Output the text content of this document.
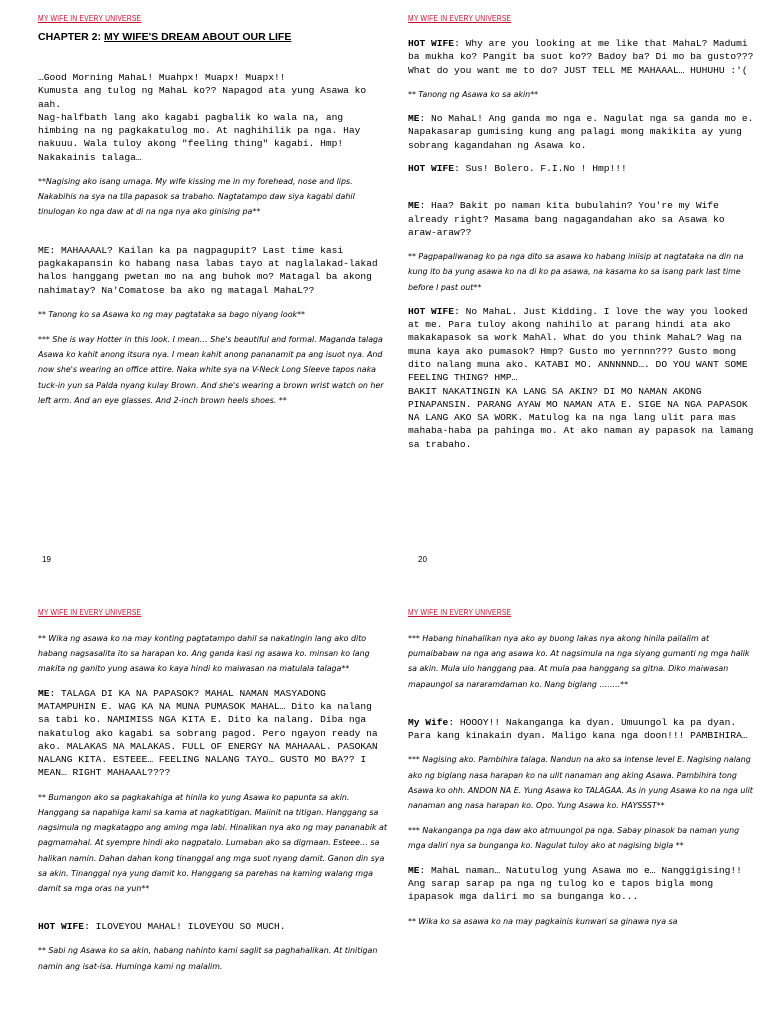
MY WIFE IN EVERY UNIVERSE
CHAPTER 2: MY WIFE'S DREAM ABOUT OUR LIFE
…Good Morning MahaL! Muahpx! Muapx! Muapx!!
Kumusta ang tulog ng MahaL ko?? Napagod ata yung Asawa ko aah.
Nag-halfbath lang ako kagabi pagbalik ko wala na, ang himbing na ng pagkakatulog mo. At naghihilik pa nga. Hay nakuuu. Wala tuloy akong "feeling thing" kagabi. Hmp! Nakakainis talaga…
**Nagising ako isang umaga. My wife kissing me in my forehead, nose and lips. Nakabihis na sya na tila papasok sa trabaho. Nagtatampo daw siya kagabi dahil tinulogan ko nga daw at di na nga nya ako ginising pa**
ME: MAHAAAAL? Kailan ka pa nagpagupit? Last time kasi pagkakapansin ko habang nasa labas tayo at naglalakad-lakad halos hanggang pwetan mo na ang buhok mo? Matagal ba akong nahimatay? Na'Comatose ba ako ng matagal MahaL??
** Tanong ko sa Asawa ko ng may pagtataka sa bago niyang look**
*** She is way Hotter in this look. I mean… She's beautiful and formal. Maganda talaga Asawa ko kahit anong itsura nya. I mean kahit anong pananamit pa ang isuot nya. And now she's wearing an office attire. Naka white sya na V-Neck Long Sleeve tapos naka tuck-in yun sa Palda nyang kulay Brown. And she's wearing a brown wrist watch on her left arm. And an eye glasses. And 2-inch brown heels shoes. **
19
MY WIFE IN EVERY UNIVERSE
HOT WIFE: Why are you looking at me like that MahaL? Madumi ba mukha ko? Pangit ba suot ko?? Badoy ba? Di mo ba gusto??? What do you want me to do? JUST TELL ME MAHAAAL… HUHUHU :'(
** Tanong ng Asawa ko sa akin**
ME: No MahaL! Ang ganda mo nga e. Nagulat nga sa ganda mo e. Napakasarap gumising kung ang palagi mong makikita ay yung sobrang kagandahan ng Asawa ko.
HOT WIFE: Sus! Bolero. F.I.No ! Hmp!!!
ME: Haa? Bakit po naman kita bubulahin? You're my Wife already right? Masama bang nagagandahan ako sa Asawa ko araw-araw??
** Pagpapaliwanag ko pa nga dito sa asawa ko habang iniisip at nagtataka na din na kung ito ba yung asawa ko na di ko pa asawa, na kasama ko sa isang park last time before I past out**
HOT WIFE: No MahaL. Just Kidding. I love the way you looked at me. Para tuloy akong nahihilo at parang hindi ata ako makakapasok sa work MahAl. What do you think MahaL? Wag na muna kaya ako pumasok? Hmp? Gusto mo yernnn??? Gusto mong dito nalang muna ako. KATABI MO. ANNNNND…. DO YOU WANT SOME FEELING THING? HMP…
BAKIT NAKATINGIN KA LANG SA AKIN? DI MO NAMAN AKONG PINAPANSIN. PARANG AYAW MO NAMAN ATA E. SIGE NA NGA PAPASOK NA LANG AKO SA WORK. Matulog ka na nga lang ulit para mas mahaba-haba pa pahinga mo. At ako naman ay papasok na lamang sa trabaho.
20
MY WIFE IN EVERY UNIVERSE
** Wika ng asawa ko na may konting pagtatampo dahil sa nakatingin lang ako dito habang nagsasalita ito sa harapan ko. Ang ganda kasi ng asawa ko. minsan ko lang makita ng ganito yung asawa ko kaya hindi ko maiwasan na matulala talaga**
ME: TALAGA DI KA NA PAPASOK? MAHAL NAMAN MASYADONG MATAMPUHIN E. WAG KA NA MUNA PUMASOK MAHAL… Dito ka nalang sa tabi ko. NAMIMISS NGA KITA E. Dito ka nalang. Diba nga nakatulog ako kagabi sa sobrang pagod. Pero ngayon ready na ako. MALAKAS NA MALAKAS. FULL OF ENERGY NA MAHAAAL. PASOKAN NALANG KITA. ESTEEE… FEELING NALANG TAYO… GUSTO MO BA?? I MEAN… RIGHT MAHAAAL????
** Bumangon ako sa pagkakahiga at hinila ko yung Asawa ko papunta sa akin. Hanggang sa napahiga kami sa kama at nagkatitigan. Maiinit na titigan. Hanggang sa nagsimula ng magkatagpo ang aming mga labi. Hinalikan nya ako ng may pananabik at pagmamahal. At syempre hindi ako nagpatalo. Lumaban ako sa digmaan. Esteee… sa halikan namin. Dahan dahan kong tinanggal ang mga suot nyang damit. Ganon din sya sa akin. Tinanggal nya yung damit ko. Hanggang sa parehas na kaming walang mga damit sa mga oras na yun**
HOT WIFE: ILOVEYOU MAHAL! ILOVEYOU SO MUCH.
** Sabi ng Asawa ko sa akin, habang nahinto kami saglit sa paghahalikan. At tinitigan namin ang isat-isa. Huminga kami ng malalim.
MY WIFE IN EVERY UNIVERSE
*** Habang hinahalikan nya ako ay buong lakas nya akong hinila pailalim at pumaibabaw na nga ang asawa ko. At nagsimula na nga siyang gumanti ng mga halik sa akin. Mula ulo hanggang paa. At mula paa hanggang sa gitna. Diko maiwasan mapaungol sa nararamdaman ko. Nang biglang ……..**
My Wife: HOOOY!! Nakanganga ka dyan. Umuungol ka pa dyan.
Para kang kinakain dyan. Maligo kana nga doon!!! PAMBIHIRA…
*** Nagising ako. Pambihira talaga. Nandun na ako sa intense level E. Nagising nalang ako ng biglang nasa harapan ko na ulit nanaman ang aking Asawa. Pambihira tong Asawa ko ohh. ANDON NA E. Yung Asawa ko TALAGAA. As in yung Asawa ko na nga ulit nanaman ang nasa harapan ko. Opo. Yung Asawa ko. HAYSSST**
*** Nakanganga pa nga daw ako atmuungol pa nga. Sabay pinasok ba naman yung mga daliri nya sa bunganga ko. Nagulat tuloy ako at nagising bigla **
ME: MahaL naman… Natutulog yung Asawa mo e… Nanggigising!! Ang sarap sarap pa nga ng tulog ko e tapos bigla mong ipapasok mga daliri mo sa bunganga ko...
** Wika ko sa asawa ko na may pagkainis kunwari sa ginawa nya sa
